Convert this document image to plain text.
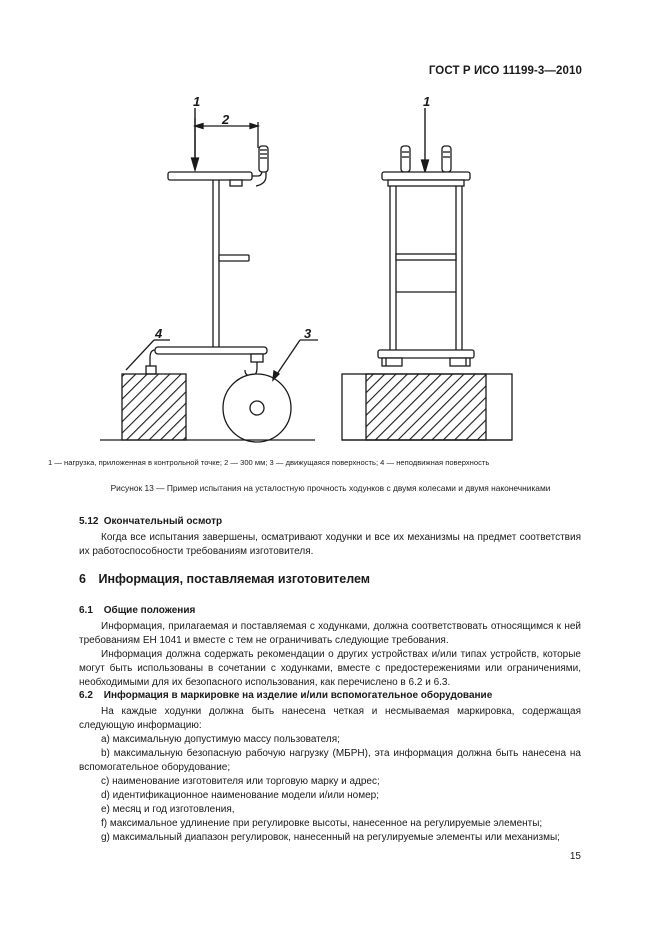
ГОСТ Р ИСО 11199-3—2010
1
2
4	3
1
1 — нагрузка, приложенная в контрольной точке; 2 — 300 мм; 3 — движущаяся поверхность; 4 — неподвижная поверхность
Рисунок 13 — Пример испытания на усталостную прочность ходунков с двумя колесами и двумя наконечниками
5.12 Окончательный осмотр
Когда все испытания завершены, осматривают ходунки и все их механизмы на предмет соответствия их работоспособности требованиям изготовителя.
6 Информация, поставляемая изготовителем
6.1 Общие положения
Информация, прилагаемая и поставляемая с ходунками, должна соответствовать относящимся к ней требованиям ЕН 1041 и вместе с тем не ограничивать следующие требования.
Информация должна содержать рекомендации о других устройствах и/или типах устройств, которые могут быть использованы в сочетании с ходунками, вместе с предостережениями или ограничениями, необходимыми для их безопасного использования, как перечислено в 6.2 и 6.3.
6.2 Информация в маркировке на изделие и/или вспомогательное оборудование
На каждые ходунки должна быть нанесена четкая и несмываемая маркировка, содержащая следующую информацию:
a) максимальную допустимую массу пользователя;
b) максимальную безопасную рабочую нагрузку (МБРН), эта информация должна быть нанесена на вспомогательное оборудование;
c) наименование изготовителя или торговую марку и адрес;
d) идентификационное наименование модели и/или номер;
e) месяц и год изготовления,
f) максимальное удлинение при регулировке высоты, нанесенное на регулируемые элементы;
g) максимальный диапазон регулировок, нанесенный на регулируемые элементы или механизмы;
15
